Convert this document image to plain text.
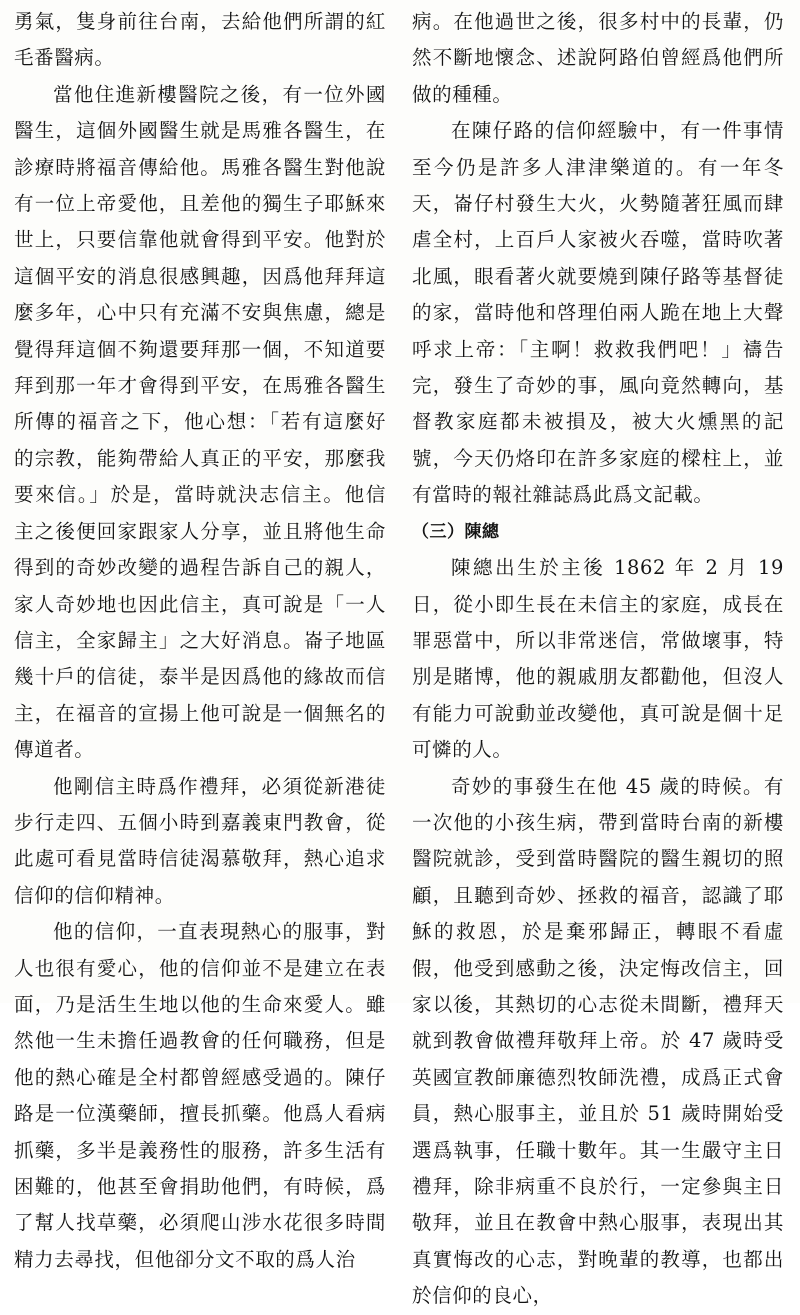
勇氣，隻身前往台南，去給他們所謂的紅毛番醫病。

當他住進新樓醫院之後，有一位外國醫生，這個外國醫生就是馬雅各醫生，在診療時將福音傳給他。馬雅各醫生對他說有一位上帝愛他，且差他的獨生子耶穌來世上，只要信靠他就會得到平安。他對於這個平安的消息很感興趣，因爲他拜拜這麼多年，心中只有充滿不安與焦慮，總是覺得拜這個不夠還要拜那一個，不知道要拜到那一年才會得到平安，在馬雅各醫生所傳的福音之下，他心想：「若有這麼好的宗教，能夠帶給人真正的平安，那麼我要來信。」於是，當時就決志信主。他信主之後便回家跟家人分享，並且將他生命得到的奇妙改變的過程告訴自己的親人，家人奇妙地也因此信主，真可說是「一人信主，全家歸主」之大好消息。崙子地區幾十戶的信徒，泰半是因爲他的緣故而信主，在福音的宣揚上他可說是一個無名的傳道者。

他剛信主時爲作禮拜，必須從新港徒步行走四、五個小時到嘉義東門教會，從此處可看見當時信徒渴慕敬拜，熱心追求信仰的信仰精神。

他的信仰，一直表現熱心的服事，對人也很有愛心，他的信仰並不是建立在表面，乃是活生生地以他的生命來愛人。雖然他一生未擔任過教會的任何職務，但是他的熱心確是全村都曾經感受過的。陳仔路是一位漢藥師，擅長抓藥。他爲人看病抓藥，多半是義務性的服務，許多生活有困難的，他甚至會捐助他們，有時候，爲了幫人找草藥，必須爬山涉水花很多時間精力去尋找，但他卻分文不取的爲人治

病。在他過世之後，很多村中的長輩，仍然不斷地懷念、述說阿路伯曾經爲他們所做的種種。

在陳仔路的信仰經驗中，有一件事情至今仍是許多人津津樂道的。有一年冬天，崙仔村發生大火，火勢隨著狂風而肆虐全村，上百戶人家被火吞噬，當時吹著北風，眼看著火就要燒到陳仔路等基督徒的家，當時他和啓理伯兩人跪在地上大聲呼求上帝：「主啊！救救我們吧！」禱告完，發生了奇妙的事，風向竟然轉向，基督教家庭都未被損及，被大火燻黑的記號，今天仍烙印在許多家庭的樑柱上，並有當時的報社雜誌爲此爲文記載。

（三）陳總

陳總出生於主後 1862 年 2 月 19 日，從小即生長在未信主的家庭，成長在罪惡當中，所以非常迷信，常做壞事，特別是賭博，他的親戚朋友都勸他，但沒人有能力可說動並改變他，真可說是個十足可憐的人。

奇妙的事發生在他 45 歲的時候。有一次他的小孩生病，帶到當時台南的新樓醫院就診，受到當時醫院的醫生親切的照顧，且聽到奇妙、拯救的福音，認識了耶穌的救恩，於是棄邪歸正，轉眼不看虛假，他受到感動之後，決定悔改信主，回家以後，其熱切的心志從未間斷，禮拜天就到教會做禮拜敬拜上帝。於 47 歲時受英國宣教師廉德烈牧師洗禮，成爲正式會員，熱心服事主，並且於 51 歲時開始受選爲執事，任職十數年。其一生嚴守主日禮拜，除非病重不良於行，一定參與主日敬拜，並且在教會中熱心服事，表現出其真實悔改的心志，對晚輩的教導，也都出於信仰的良心，
